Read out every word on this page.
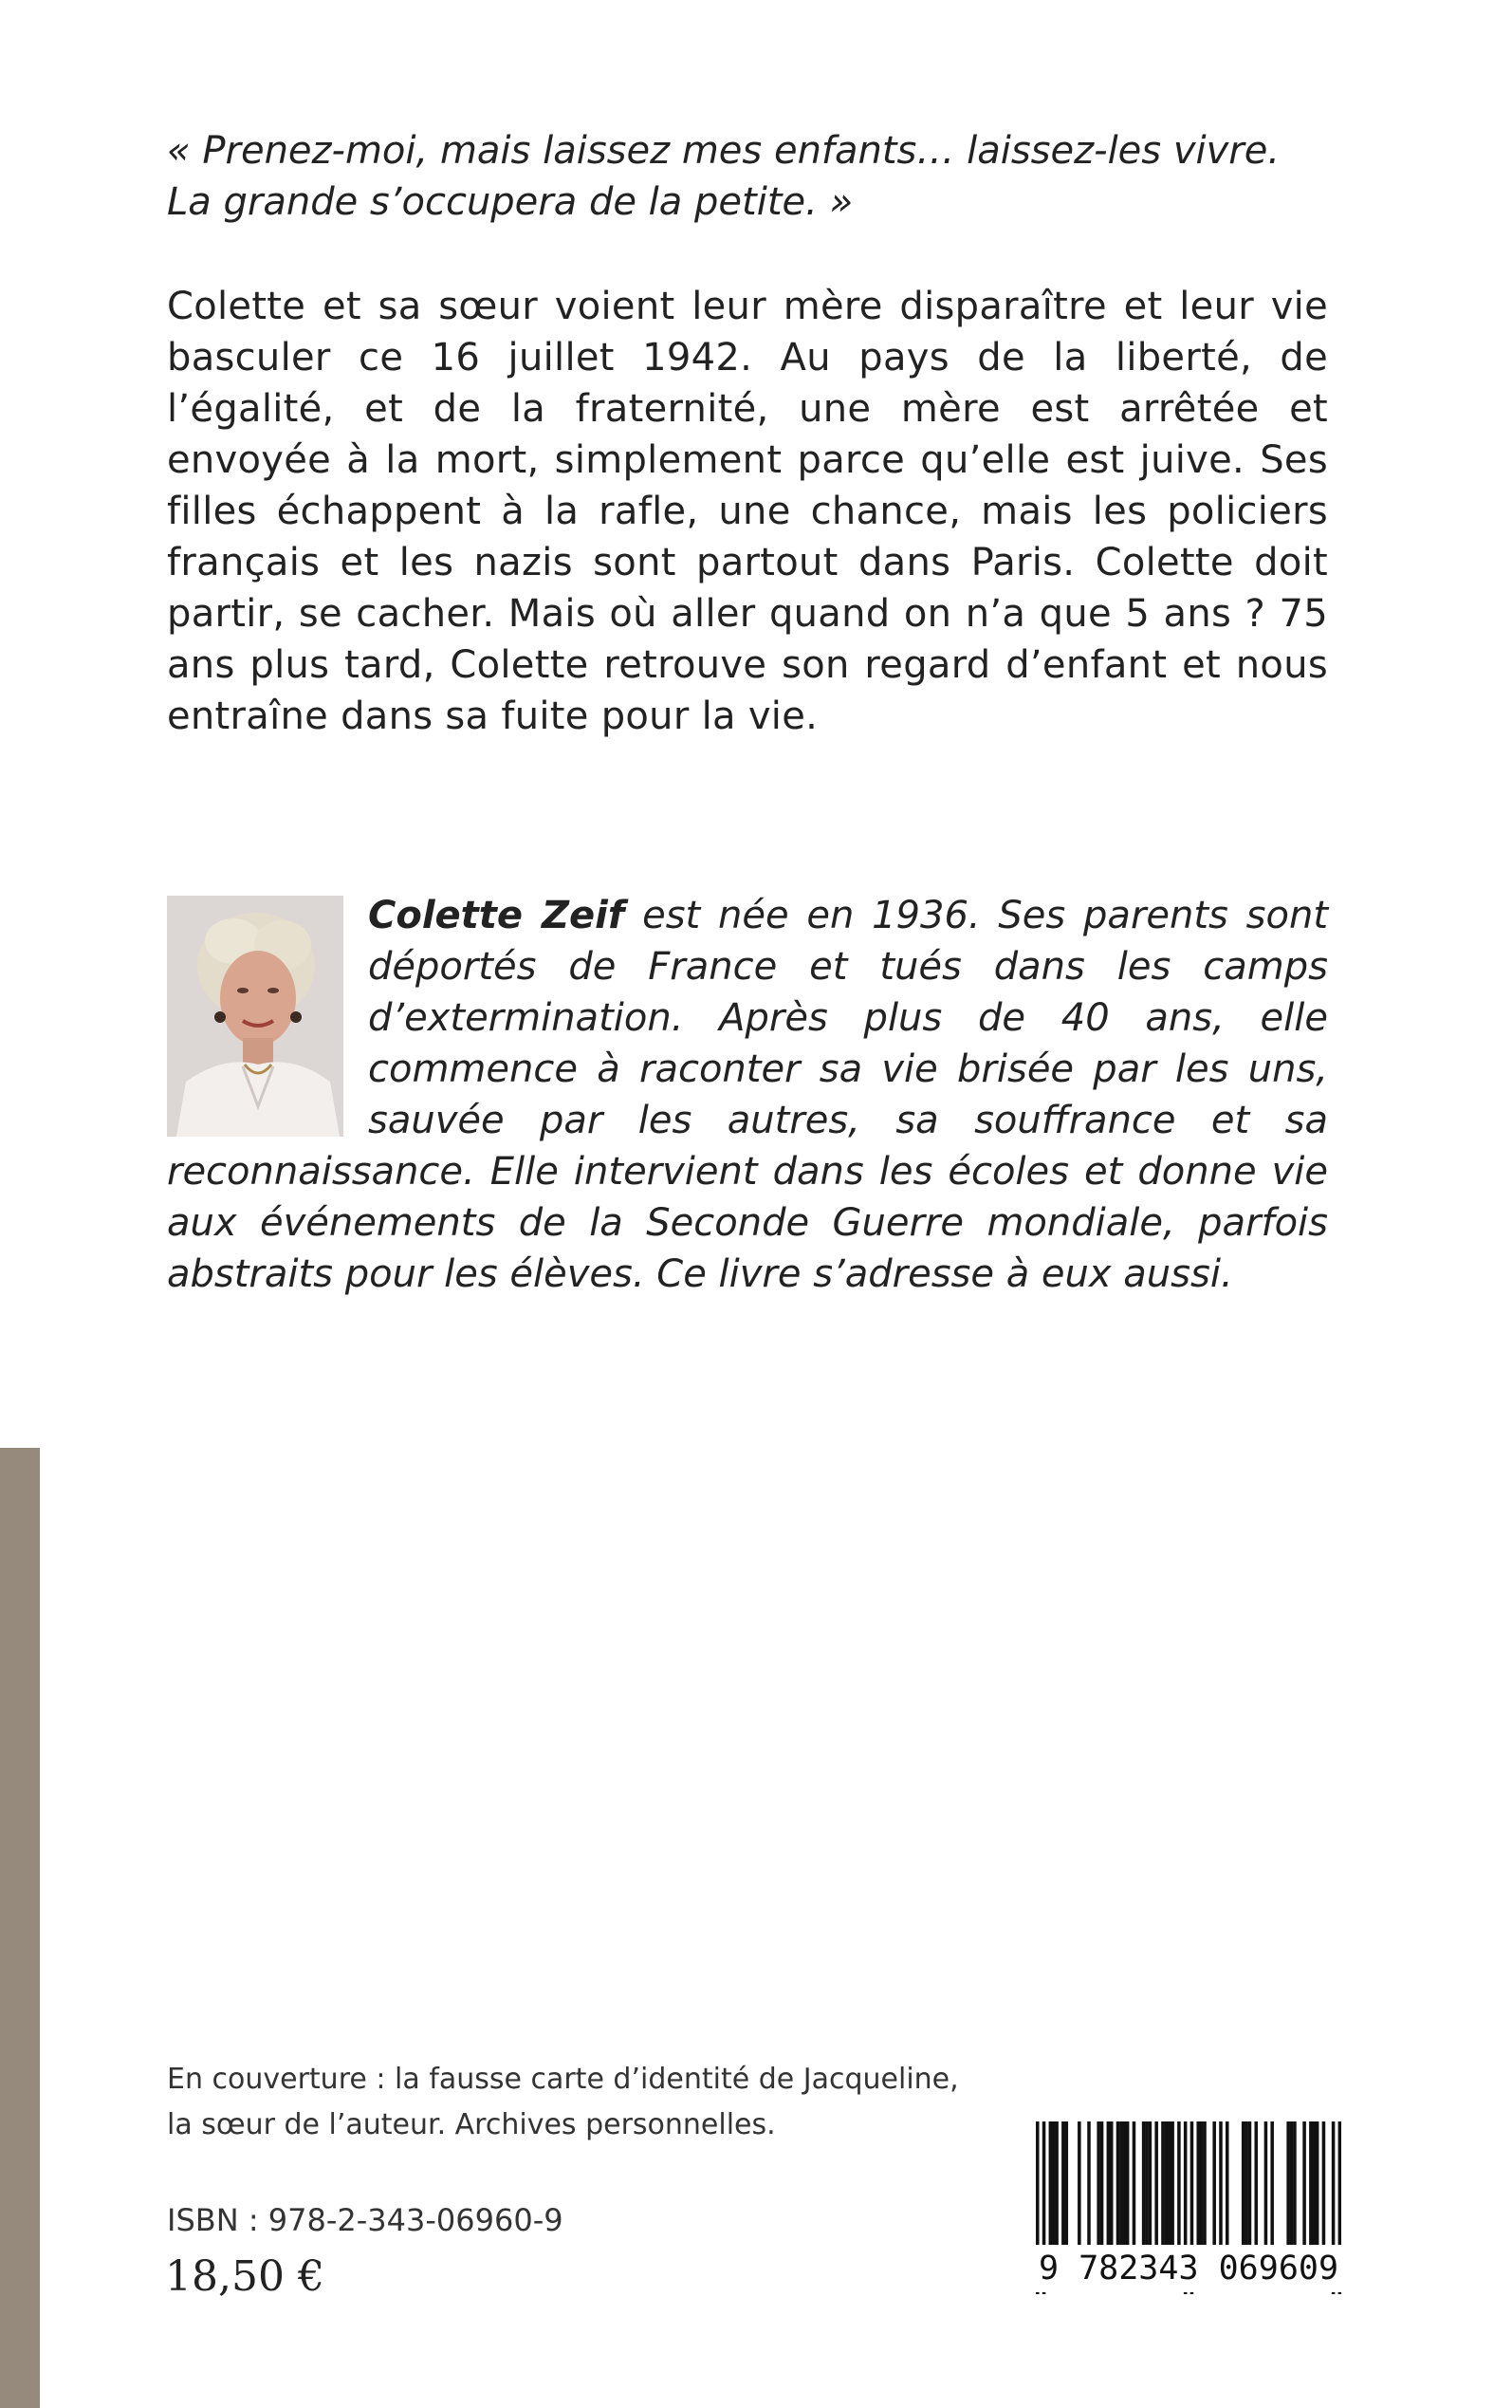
« Prenez-moi, mais laissez mes enfants… laissez-les vivre.
La grande s’occupera de la petite. »

Colette et sa sœur voient leur mère disparaître et leur vie basculer ce 16 juillet 1942. Au pays de la liberté, de l’égalité, et de la fraternité, une mère est arrêtée et envoyée à la mort, simplement parce qu’elle est juive. Ses filles échappent à la rafle, une chance, mais les policiers français et les nazis sont partout dans Paris. Colette doit partir, se cacher. Mais où aller quand on n’a que 5 ans ? 75 ans plus tard, Colette retrouve son regard d’enfant et nous entraîne dans sa fuite pour la vie.

Colette Zeif est née en 1936. Ses parents sont déportés de France et tués dans les camps d’extermination. Après plus de 40 ans, elle commence à raconter sa vie brisée par les uns, sauvée par les autres, sa souffrance et sa reconnaissance. Elle intervient dans les écoles et donne vie aux événements de la Seconde Guerre mondiale, parfois abstraits pour les élèves. Ce livre s’adresse à eux aussi.

En couverture : la fausse carte d’identité de Jacqueline,
la sœur de l’auteur. Archives personnelles.

ISBN : 978-2-343-06960-9

18,50 €	9 782343 069609
